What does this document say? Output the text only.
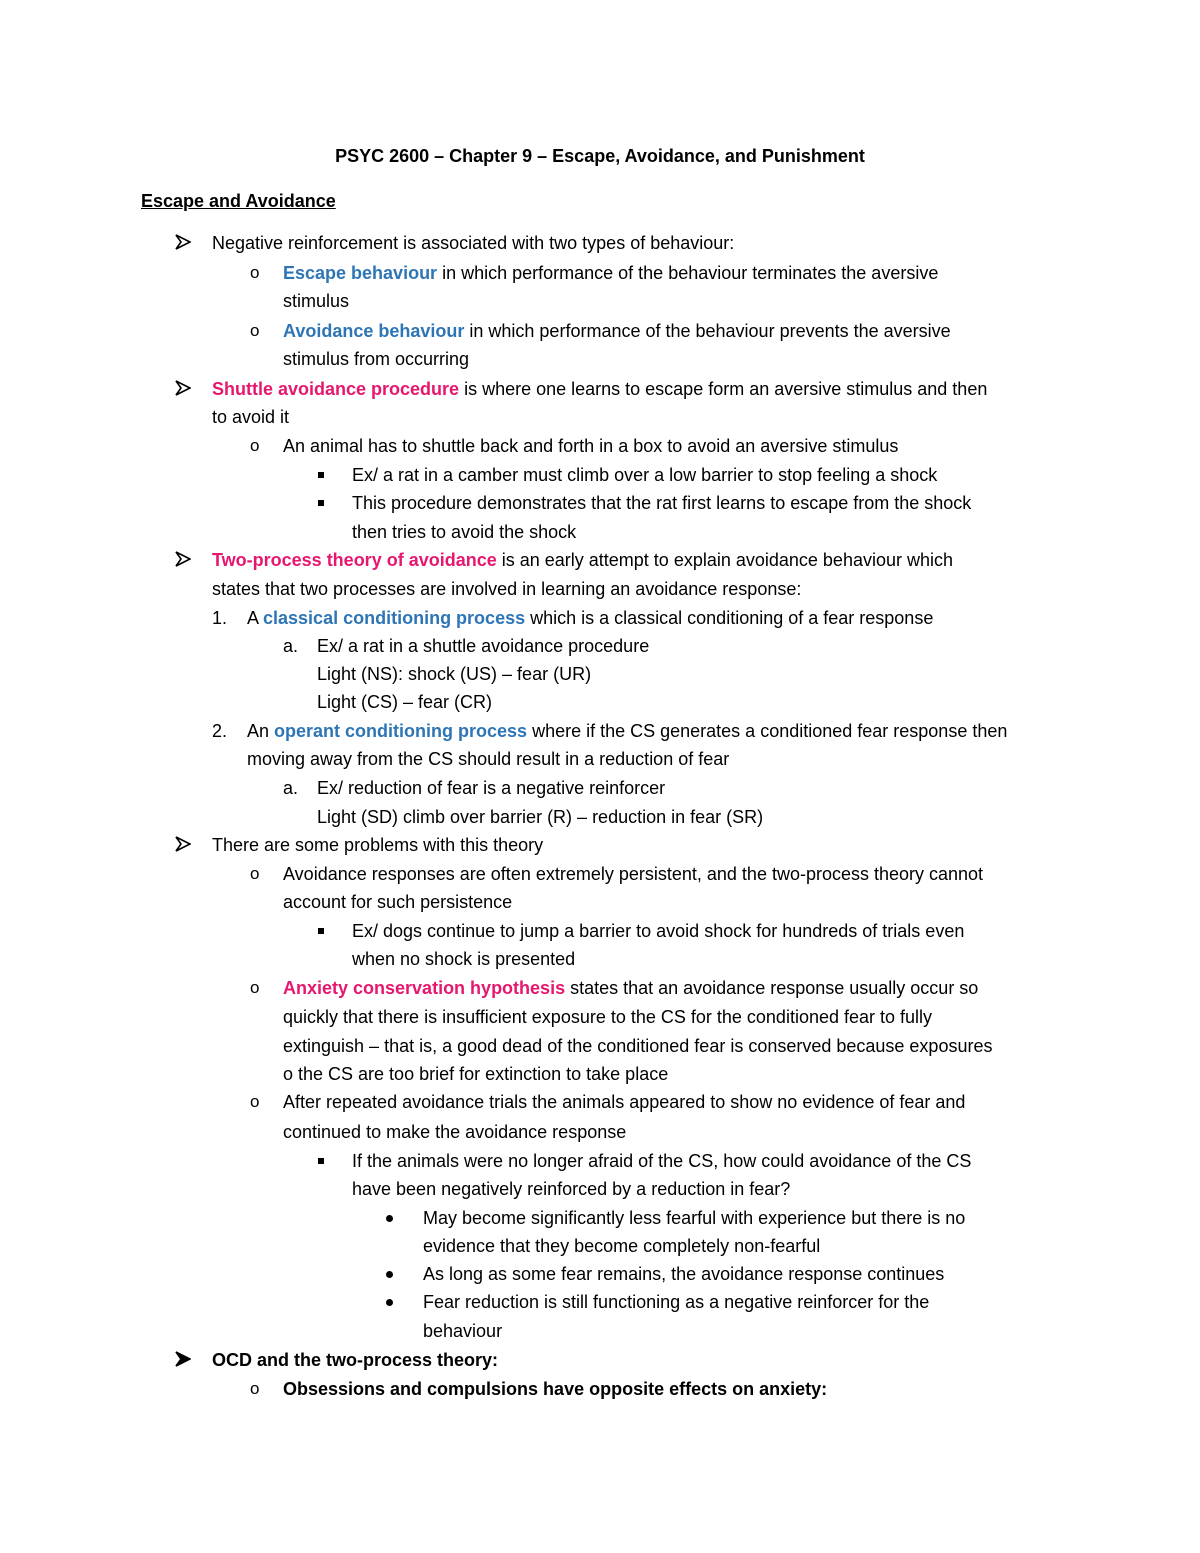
PSYC 2600 – Chapter 9 – Escape, Avoidance, and Punishment
Escape and Avoidance
Negative reinforcement is associated with two types of behaviour:
o Escape behaviour in which performance of the behaviour terminates the aversive
stimulus
o Avoidance behaviour in which performance of the behaviour prevents the aversive
stimulus from occurring
Shuttle avoidance procedure is where one learns to escape form an aversive stimulus and then
to avoid it
o An animal has to shuttle back and forth in a box to avoid an aversive stimulus
Ex/ a rat in a camber must climb over a low barrier to stop feeling a shock
This procedure demonstrates that the rat first learns to escape from the shock
then tries to avoid the shock
Two-process theory of avoidance is an early attempt to explain avoidance behaviour which
states that two processes are involved in learning an avoidance response:
1. A classical conditioning process which is a classical conditioning of a fear response
a. Ex/ a rat in a shuttle avoidance procedure
Light (NS): shock (US) – fear (UR)
Light (CS) – fear (CR)
2. An operant conditioning process where if the CS generates a conditioned fear response then
moving away from the CS should result in a reduction of fear
a. Ex/ reduction of fear is a negative reinforcer
Light (SD) climb over barrier (R) – reduction in fear (SR)
There are some problems with this theory
o Avoidance responses are often extremely persistent, and the two-process theory cannot
account for such persistence
Ex/ dogs continue to jump a barrier to avoid shock for hundreds of trials even
when no shock is presented
o Anxiety conservation hypothesis states that an avoidance response usually occur so
quickly that there is insufficient exposure to the CS for the conditioned fear to fully
extinguish – that is, a good dead of the conditioned fear is conserved because exposures
o the CS are too brief for extinction to take place
o After repeated avoidance trials the animals appeared to show no evidence of fear and
continued to make the avoidance response
If the animals were no longer afraid of the CS, how could avoidance of the CS
have been negatively reinforced by a reduction in fear?
May become significantly less fearful with experience but there is no
evidence that they become completely non-fearful
As long as some fear remains, the avoidance response continues
Fear reduction is still functioning as a negative reinforcer for the
behaviour
OCD and the two-process theory:
o Obsessions and compulsions have opposite effects on anxiety:
